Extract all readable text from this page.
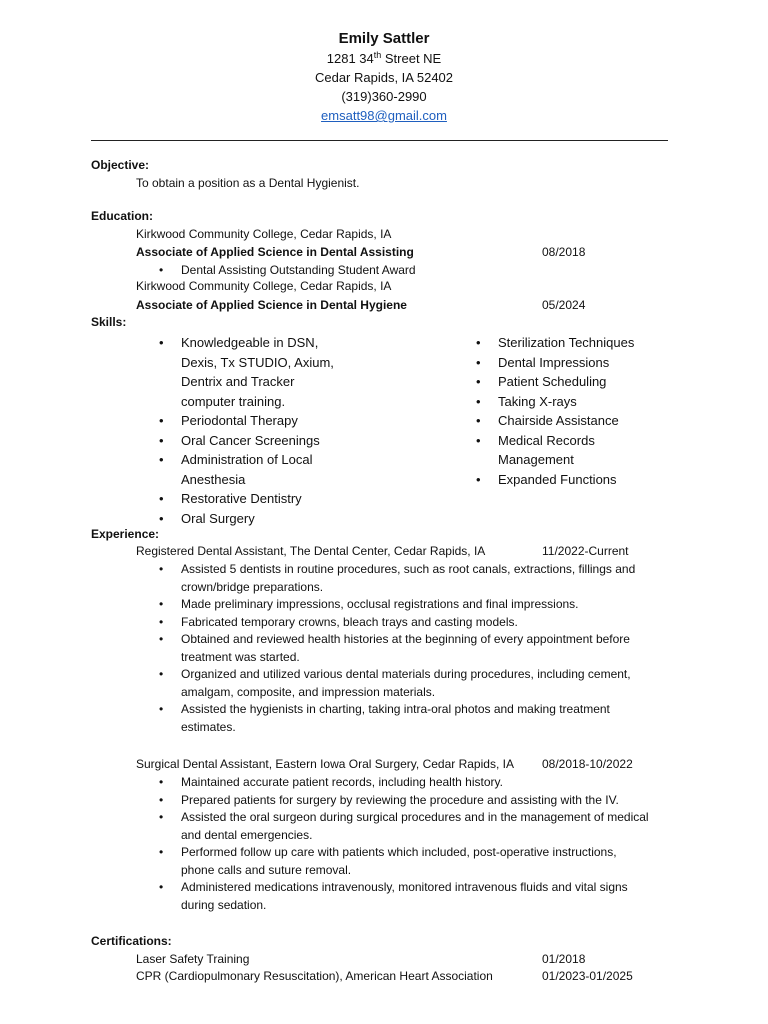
Emily Sattler
1281 34th Street NE
Cedar Rapids, IA 52402
(319)360-2990
emsatt98@gmail.com
Objective:
To obtain a position as a Dental Hygienist.
Education:
Kirkwood Community College, Cedar Rapids, IA
Associate of Applied Science in Dental Assisting	08/2018
• Dental Assisting Outstanding Student Award
Kirkwood Community College, Cedar Rapids, IA
Associate of Applied Science in Dental Hygiene	05/2024
Skills:
• Knowledgeable in DSN,
Dexis, Tx STUDIO, Axium,
Dentrix and Tracker
computer training.
• Periodontal Therapy
• Oral Cancer Screenings
• Administration of Local
Anesthesia
• Restorative Dentistry
• Oral Surgery
• Sterilization Techniques
• Dental Impressions
• Patient Scheduling
• Taking X-rays
• Chairside Assistance
• Medical Records
Management
• Expanded Functions
Experience:
Registered Dental Assistant, The Dental Center, Cedar Rapids, IA	11/2022-Current
• Assisted 5 dentists in routine procedures, such as root canals, extractions, fillings and
crown/bridge preparations.
• Made preliminary impressions, occlusal registrations and final impressions.
• Fabricated temporary crowns, bleach trays and casting models.
• Obtained and reviewed health histories at the beginning of every appointment before
treatment was started.
• Organized and utilized various dental materials during procedures, including cement,
amalgam, composite, and impression materials.
• Assisted the hygienists in charting, taking intra-oral photos and making treatment
estimates.
Surgical Dental Assistant, Eastern Iowa Oral Surgery, Cedar Rapids, IA 08/2018-10/2022
• Maintained accurate patient records, including health history.
• Prepared patients for surgery by reviewing the procedure and assisting with the IV.
• Assisted the oral surgeon during surgical procedures and in the management of medical
and dental emergencies.
• Performed follow up care with patients which included, post-operative instructions,
phone calls and suture removal.
• Administered medications intravenously, monitored intravenous fluids and vital signs
during sedation.
Certifications:
Laser Safety Training	01/2018
CPR (Cardiopulmonary Resuscitation), American Heart Association	01/2023-01/2025
